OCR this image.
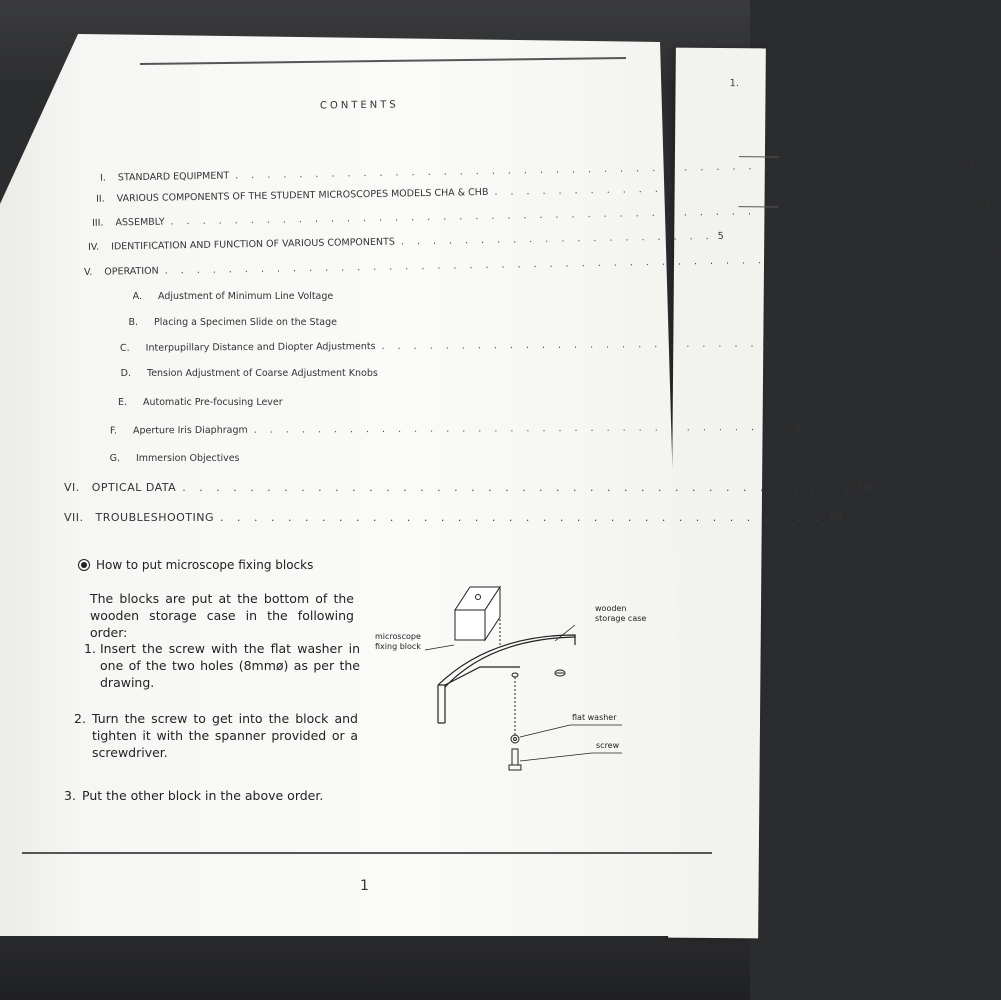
1.
CONTENTS
I.	STANDARD EQUIPMENT . . . . . . . . . . . . . . . . . . . . . . . . . . . . . . . . . . . . . . . . . . . . . . 2
II.	VARIOUS COMPONENTS OF THE STUDENT MICROSCOPES MODELS CHA & CHB . . . . . . . . . . . 3
III.	ASSEMBLY . . . . . . . . . . . . . . . . . . . . . . . . . . . . . . . . . . . . . . . . . . . . . . . . . . . 4
IV.	IDENTIFICATION AND FUNCTION OF VARIOUS COMPONENTS . . . . . . . . . . . . . . . . . . . . 5
V.	OPERATION . . . . . . . . . . . . . . . . . . . . . . . . . . . . . . . . . . . . . . . . . . . . . . . . . . . . 7
A.	Adjustment of Minimum Line Voltage
B.	Placing a Specimen Slide on the Stage
C.	Interpupillary Distance and Diopter Adjustments . . . . . . . . . . . . . . . . . . . . . . . . 8
D.	Tension Adjustment of Coarse Adjustment Knobs
E.	Automatic Pre-focusing Lever
F.	Aperture Iris Diaphragm . . . . . . . . . . . . . . . . . . . . . . . . . . . . . . . . . . 9
G.	Immersion Objectives
VI.	OPTICAL DATA . . . . . . . . . . . . . . . . . . . . . . . . . . . . . . . . . . . . . . . . 10
VII.	TROUBLESHOOTING . . . . . . . . . . . . . . . . . . . . . . . . . . . . . . . . . . . . 10
How to put microscope fixing blocks
The blocks are put at the bottom of the wooden storage case in the following order:
1. Insert the screw with the flat washer in one of the two holes (8mmø) as per the drawing.
2. Turn the screw to get into the block and tighten it with the spanner provided or a screwdriver.
3. Put the other block in the above order.
microscope
fixing block
wooden
storage case
flat washer
screw
1
